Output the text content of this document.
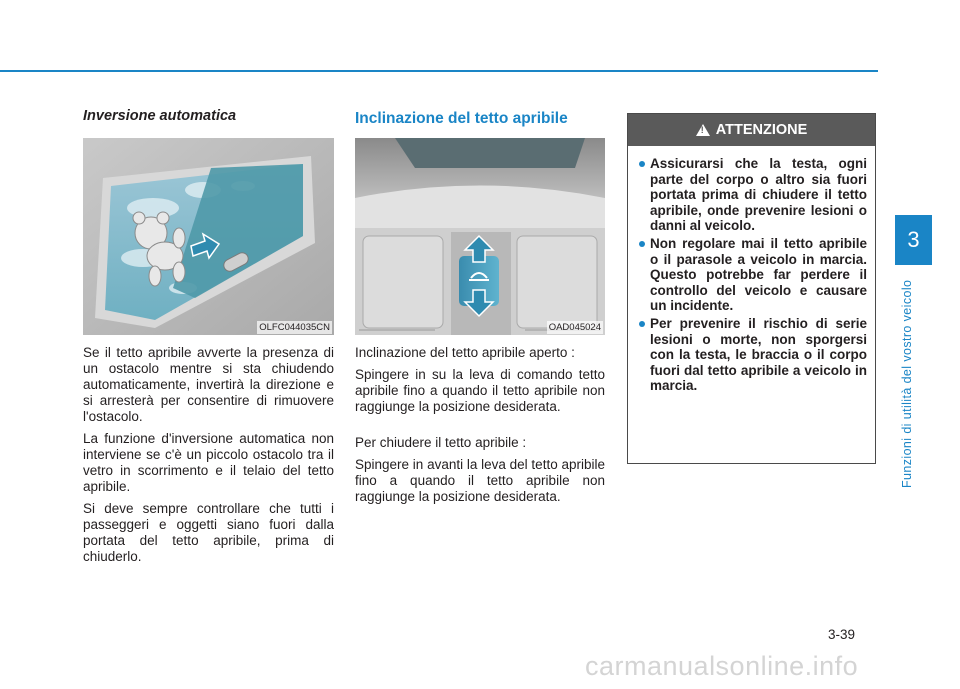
3
Funzioni di utilità del vostro veicolo
Inversione automatica
OLFC044035CN

Se il tetto apribile avverte la presenza di un ostacolo mentre si sta chiudendo automaticamente, invertirà la direzione e si arresterà per consentire di rimuovere l'ostacolo.

La funzione d'inversione automatica non interviene se c'è un piccolo ostacolo tra il vetro in scorrimento e il telaio del tetto apribile.

Si deve sempre controllare che tutti i passeggeri e oggetti siano fuori dalla portata del tetto apribile, prima di chiuderlo.

Inclinazione del tetto apribile
OAD045024

Inclinazione del tetto apribile aperto :

Spingere in su la leva di comando tetto apribile fino a quando il tetto apribile non raggiunge la posizione desiderata.

Per chiudere il tetto apribile :

Spingere in avanti la leva del tetto apribile fino a quando il tetto apribile non raggiunge la posizione desiderata.

!
ATTENZIONE
Assicurarsi che la testa, ogni parte del corpo o altro sia fuori portata prima di chiudere il tetto apribile, onde prevenire lesioni o danni al veicolo.
Non regolare mai il tetto apribile o il parasole a veicolo in marcia. Questo potrebbe far perdere il controllo del veicolo e causare un incidente.
Per prevenire il rischio di serie lesioni o morte, non sporgersi con la testa, le braccia o il corpo fuori dal tetto apribile a veicolo in marcia.
3-39
carmanualsonline.info
